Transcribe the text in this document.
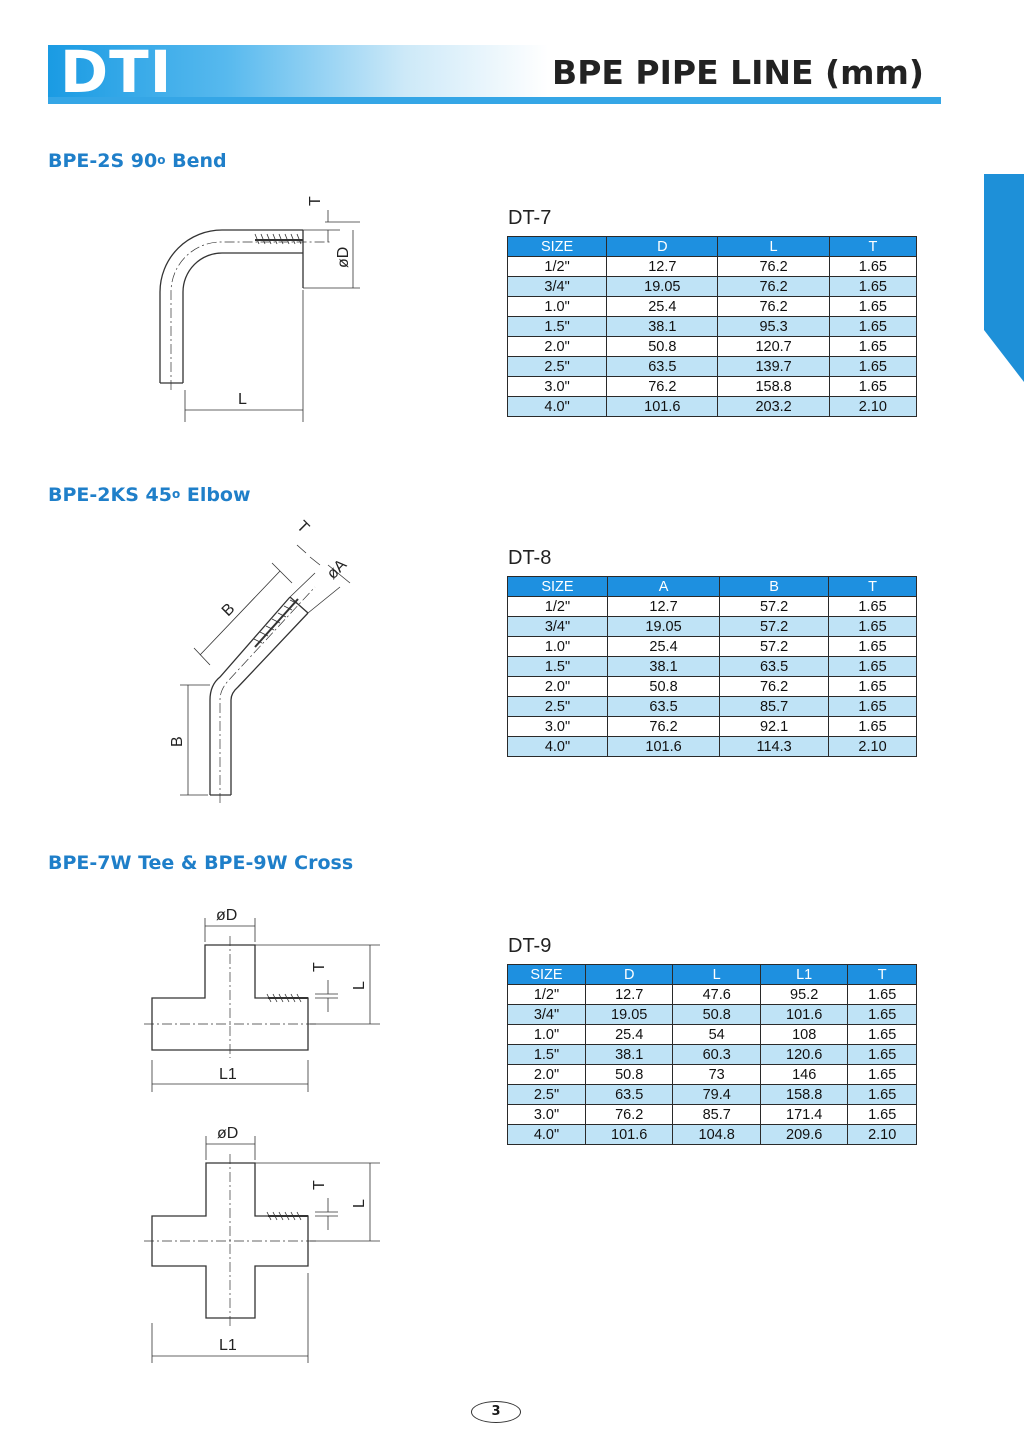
DTI	BPE PIPE LINE (mm)
BPE-2S 90$^o$ Bend
T
øD
L
DT-7
SIZE	D	L	T
1/2"	12.7	76.2	1.65
3/4"	19.05	76.2	1.65
1.0"	25.4	76.2	1.65
1.5"	38.1	95.3	1.65
2.0"	50.8	120.7	1.65
2.5"	63.5	139.7	1.65
3.0"	76.2	158.8	1.65
4.0"	101.6	203.2	2.10
BPE-2KS 45$^o$ Elbow
T
øA
B
B
DT-8
SIZE	A	B	T
1/2"	12.7	57.2	1.65
3/4"	19.05	57.2	1.65
1.0"	25.4	57.2	1.65
1.5"	38.1	63.5	1.65
2.0"	50.8	76.2	1.65
2.5"	63.5	85.7	1.65
3.0"	76.2	92.1	1.65
4.0"	101.6	114.3	2.10
BPE-7W Tee & BPE-9W Cross
øD
T
L
L1
øD
T
L
L1
DT-9
SIZE	D	L	L1	T
1/2"	12.7	47.6	95.2	1.65
3/4"	19.05	50.8	101.6	1.65
1.0"	25.4	54	108	1.65
1.5"	38.1	60.3	120.6	1.65
2.0"	50.8	73	146	1.65
2.5"	63.5	79.4	158.8	1.65
3.0"	76.2	85.7	171.4	1.65
4.0"	101.6	104.8	209.6	2.10
3
